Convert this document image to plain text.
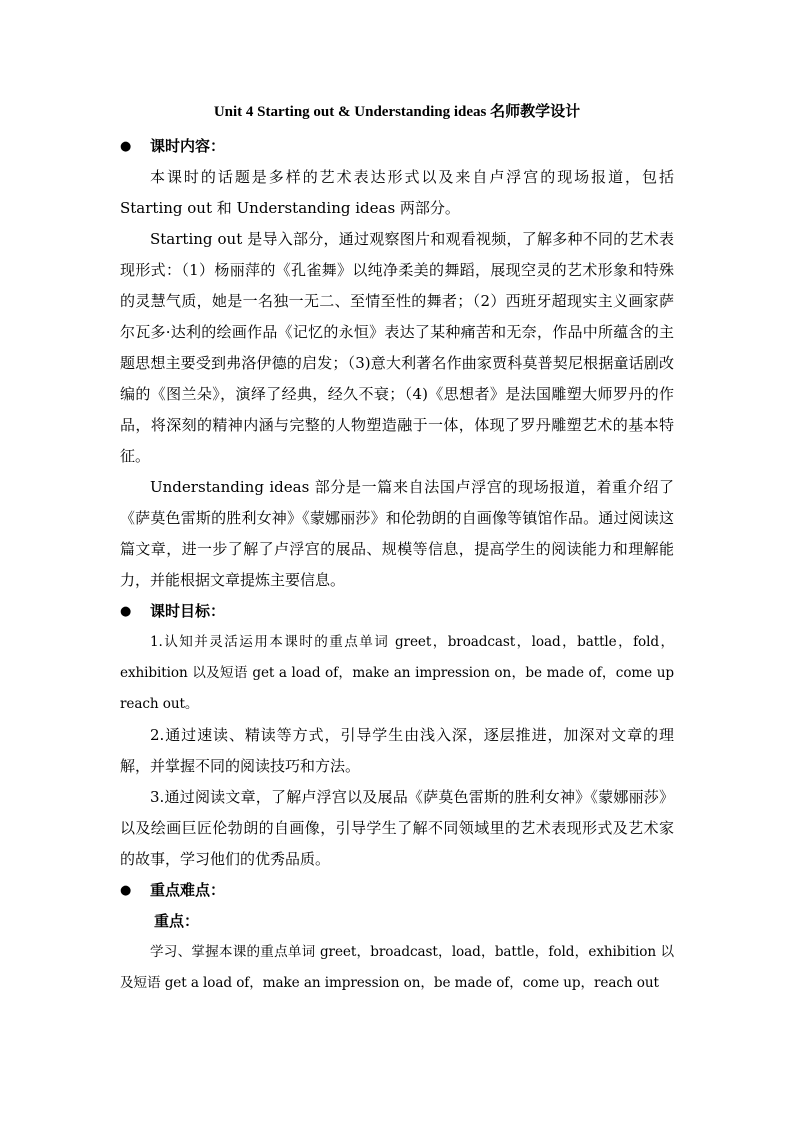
Unit 4 Starting out & Understanding ideas 名师教学设计
● 课时内容：

本课时的话题是多样的艺术表达形式以及来自卢浮宫的现场报道，包括 Starting out 和 Understanding ideas 两部分。

Starting out 是导入部分，通过观察图片和观看视频，了解多种不同的艺术表现形式：（1）杨丽萍的《孔雀舞》以纯净柔美的舞蹈，展现空灵的艺术形象和特殊的灵慧气质，她是一名独一无二、至情至性的舞者；（2）西班牙超现实主义画家萨尔瓦多·达利的绘画作品《记忆的永恒》表达了某种痛苦和无奈，作品中所蕴含的主题思想主要受到弗洛伊德的启发；（3)意大利著名作曲家贾科莫普契尼根据童话剧改编的《图兰朵》，演绎了经典，经久不衰；（4)《思想者》是法国雕塑大师罗丹的作品，将深刻的精神内涵与完整的人物塑造融于一体，体现了罗丹雕塑艺术的基本特征。

Understanding ideas 部分是一篇来自法国卢浮宫的现场报道，着重介绍了《萨莫色雷斯的胜利女神》《蒙娜丽莎》和伦勃朗的自画像等镇馆作品。通过阅读这篇文章，进一步了解了卢浮宫的展品、规模等信息，提高学生的阅读能力和理解能力，并能根据文章提炼主要信息。

● 课时目标：

1.认知并灵活运用本课时的重点单词 greet，broadcast，load，battle，fold，exhibition 以及短语 get a load of，make an impression on，be made of，come up reach out。

2.通过速读、精读等方式，引导学生由浅入深，逐层推进，加深对文章的理解，并掌握不同的阅读技巧和方法。

3.通过阅读文章，了解卢浮宫以及展品《萨莫色雷斯的胜利女神》《蒙娜丽莎》以及绘画巨匠伦勃朗的自画像，引导学生了解不同领域里的艺术表现形式及艺术家的故事，学习他们的优秀品质。

● 重点难点：
重点：

学习、掌握本课的重点单词 greet，broadcast，load，battle，fold，exhibition 以及短语 get a load of，make an impression on，be made of，come up，reach out
